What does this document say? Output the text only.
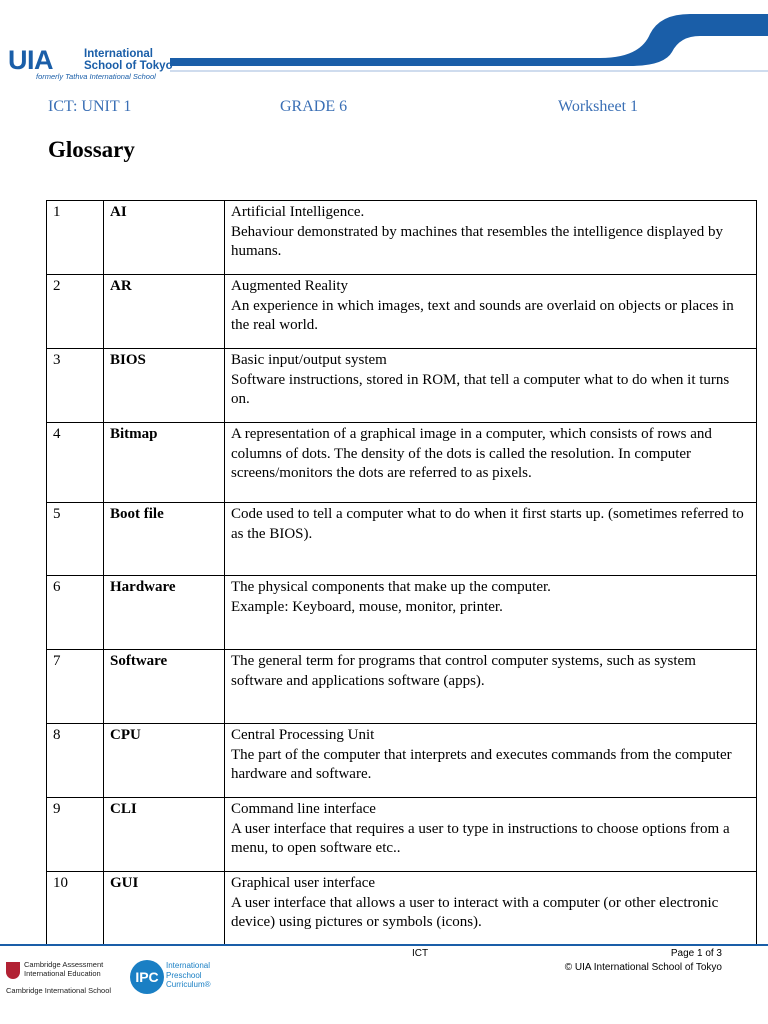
UIA	International
School of Tokyo
formerly Tathva International School
ICT: UNIT 1	GRADE 6	Worksheet 1
Glossary
1	AI	Artificial Intelligence.
Behaviour demonstrated by machines that resembles the intelligence displayed by humans.

2	AR	Augmented Reality
An experience in which images, text and sounds are overlaid on objects or places in the real world.

3	BIOS	Basic input/output system
Software instructions, stored in ROM, that tell a computer what to do when it turns on.

4	Bitmap	A representation of a graphical image in a computer, which consists of rows and columns of dots. The density of the dots is called the resolution. In computer screens/monitors the dots are referred to as pixels.

5	Boot file	Code used to tell a computer what to do when it first starts up. (sometimes referred to as the BIOS).

6	Hardware	The physical components that make up the computer.
Example: Keyboard, mouse, monitor, printer.

7	Software	The general term for programs that control computer systems, such as system software and applications software (apps).

8	CPU	Central Processing Unit
The part of the computer that interprets and executes commands from the computer hardware and software.

9	CLI	Command line interface
A user interface that requires a user to type in instructions to choose options from a menu, to open software etc..

10	GUI	Graphical user interface
A user interface that allows a user to interact with a computer (or other electronic device) using pictures or symbols (icons).
Cambridge Assessment
International Education
Cambridge International School
IPC
International
Preschool
Curriculum®
ICT	Page 1 of 3
© UIA International School of Tokyo
